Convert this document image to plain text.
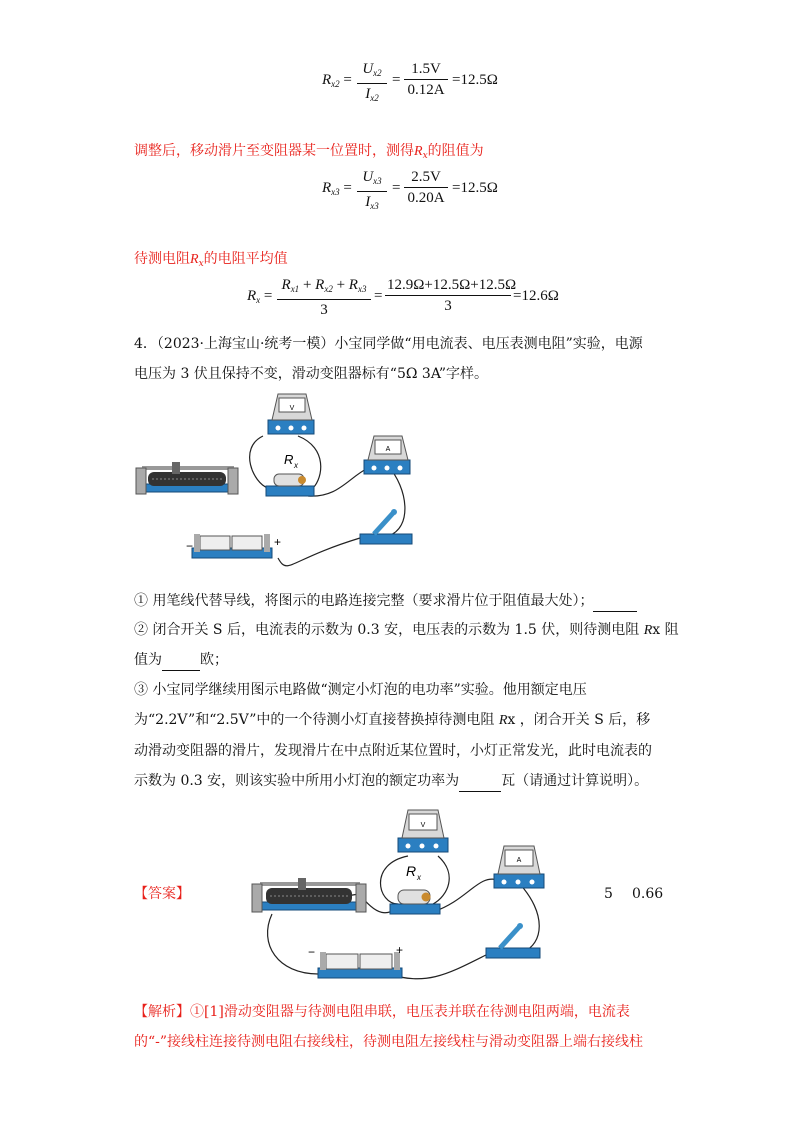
$R_{x2} = \frac{U_{x2}}{I_{x2}} = \frac{1.5V}{0.12A} =12.5\Omega$
调整后，移动滑片至变阻器某一位置时，测得$R_x$的阻值为
$R_{x3} = \frac{U_{x3}}{I_{x3}} = \frac{2.5V}{0.20A} =12.5\Omega$
待测电阻$R_x$的电阻平均值
$R_x = \frac{R_{x1} + R_{x2} + R_{x3}}{3} = \frac{12.9\Omega+12.5\Omega+12.5\Omega}{3} =12.6\Omega$
4．（2023·上海宝山·统考一模）小宝同学做“用电流表、电压表测电阻”实验，电源
电压为 3 伏且保持不变，滑动变阻器标有“5Ω 3A”字样。
V
R x
A
−	+
① 用笔线代替导线，将图示的电路连接完整（要求滑片位于阻值最大处）；
② 闭合开关 S 后，电流表的示数为 0.3 安，电压表的示数为 1.5 伏，则待测电阻 Rx 阻
值为	欧；
③ 小宝同学继续用图示电路做“测定小灯泡的电功率”实验。他用额定电压
为“2.2V”和“2.5V”中的一个待测小灯直接替换掉待测电阻 Rx ，闭合开关 S 后，移
动滑动变阻器的滑片，发现滑片在中点附近某位置时，小灯正常发光，此时电流表的
示数为 0.3 安，则该实验中所用小灯泡的额定功率为	瓦（请通过计算说明）。
【答案】	5 0.66
V
R x
A
−	+
【解析】①[1]滑动变阻器与待测电阻串联，电压表并联在待测电阻两端，电流表
的“-”接线柱连接待测电阻右接线柱，待测电阻左接线柱与滑动变阻器上端右接线柱
